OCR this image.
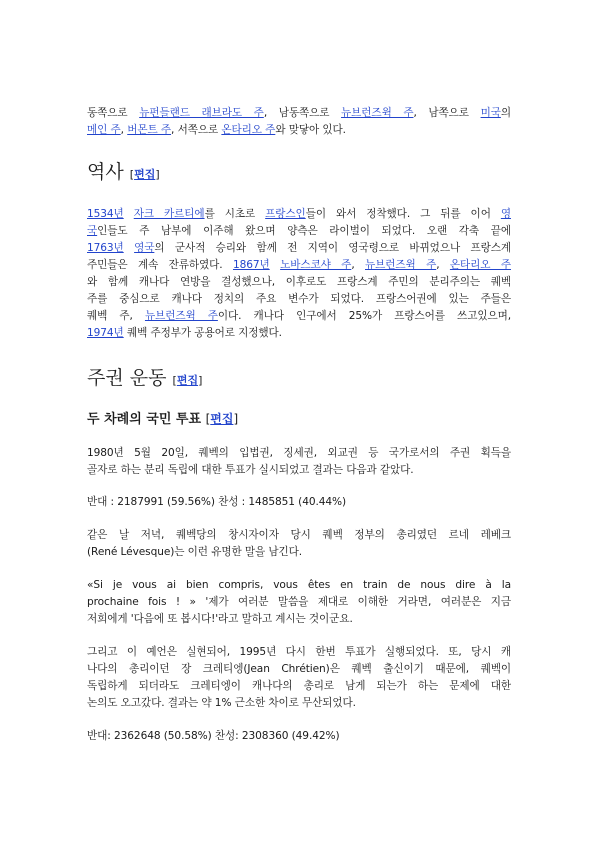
동쪽으로 뉴펀들랜드 래브라도 주, 남동쪽으로 뉴브런즈윅 주, 남쪽으로 미국의
메인 주, 버몬트 주, 서쪽으로 온타리오 주와 맞닿아 있다.
역사 [편집]
1534년 자크 카르티에를 시초로 프랑스인들이 와서 정착했다. 그 뒤를 이어 영
국인들도 주 남부에 이주해 왔으며 양측은 라이벌이 되었다. 오랜 각축 끝에
1763년 영국의 군사적 승리와 함께 전 지역이 영국령으로 바뀌었으나 프랑스계
주민들은 계속 잔류하였다. 1867년 노바스코샤 주, 뉴브런즈윅 주, 온타리오 주
와 함께 캐나다 연방을 결성했으나, 이후로도 프랑스계 주민의 분리주의는 퀘벡
주를 중심으로 캐나다 정치의 주요 변수가 되었다. 프랑스어권에 있는 주들은
퀘벡 주, 뉴브런즈윅 주이다. 캐나다 인구에서 25%가 프랑스어를 쓰고있으며,
1974년 퀘벡 주정부가 공용어로 지정했다.
주권 운동 [편집]
두 차례의 국민 투표 [편집]
1980년 5월 20일, 퀘벡의 입법권, 징세권, 외교권 등 국가로서의 주권 획득을
골자로 하는 분리 독립에 대한 투표가 실시되었고 결과는 다음과 같았다.
반대 : 2187991 (59.56%) 찬성 : 1485851 (40.44%)
같은 날 저녁, 퀘벡당의 창시자이자 당시 퀘벡 정부의 총리였던 르네 레베크
(René Lévesque)는 이런 유명한 말을 남긴다.
«Si je vous ai bien compris, vous êtes en train de nous dire à la
prochaine fois ! » '제가 여러분 말씀을 제대로 이해한 거라면, 여러분은 지금
저희에게 '다음에 또 봅시다!'라고 말하고 계시는 것이군요.
그리고 이 예언은 실현되어, 1995년 다시 한번 투표가 실행되었다. 또, 당시 캐
나다의 총리이던 장 크레티엥(Jean Chrétien)은 퀘벡 출신이기 때문에, 퀘벡이
독립하게 되더라도 크레티엥이 캐나다의 총리로 남게 되는가 하는 문제에 대한
논의도 오고갔다. 결과는 약 1% 근소한 차이로 무산되었다.
반대: 2362648 (50.58%) 찬성: 2308360 (49.42%)
